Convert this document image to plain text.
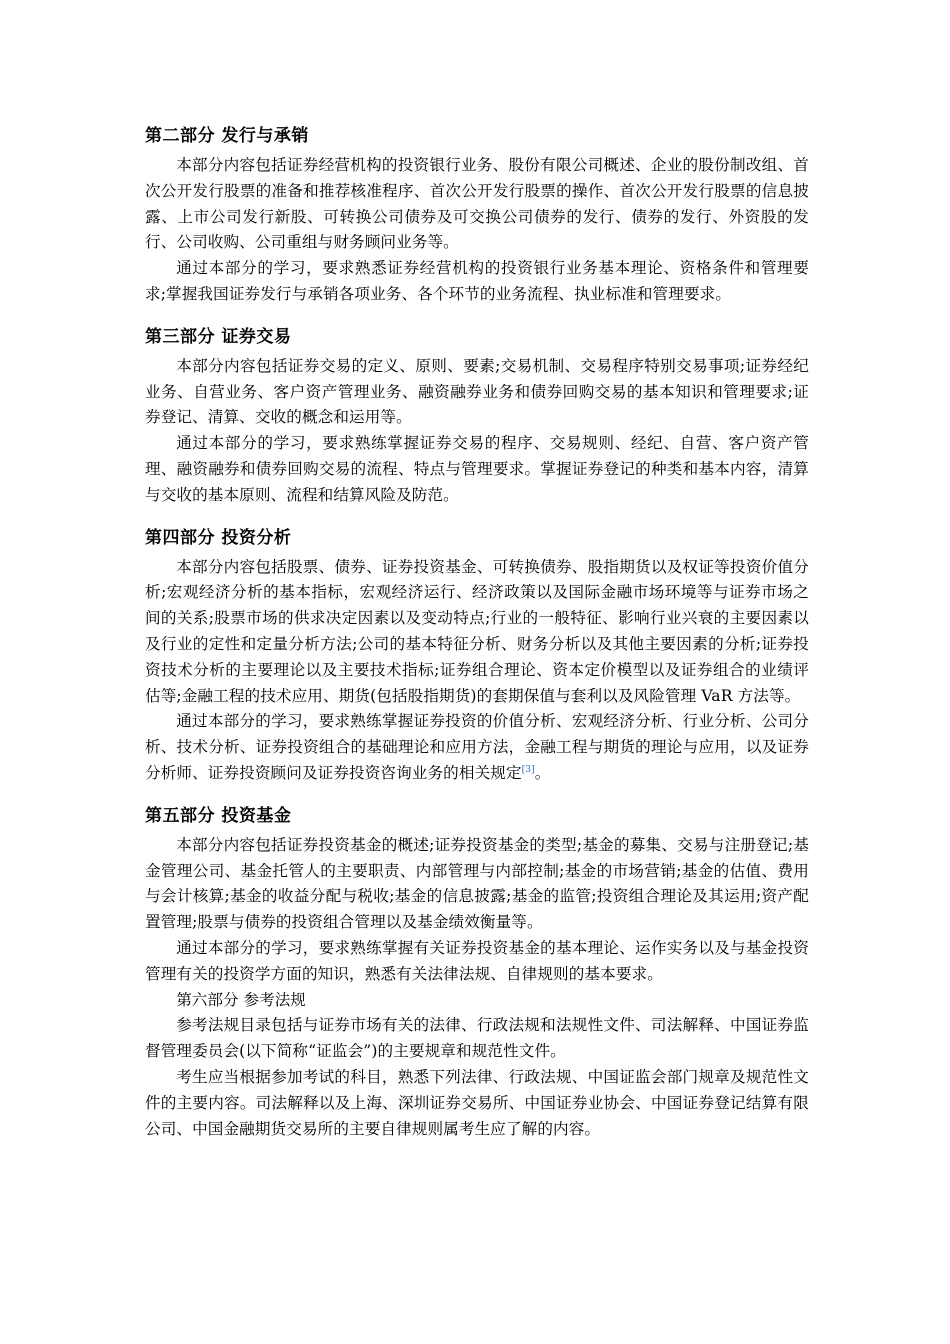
第二部分 发行与承销

本部分内容包括证券经营机构的投资银行业务、股份有限公司概述、企业的股份制改组、首次公开发行股票的准备和推荐核准程序、首次公开发行股票的操作、首次公开发行股票的信息披露、上市公司发行新股、可转换公司债券及可交换公司债券的发行、债券的发行、外资股的发行、公司收购、公司重组与财务顾问业务等。

通过本部分的学习，要求熟悉证券经营机构的投资银行业务基本理论、资格条件和管理要求;掌握我国证券发行与承销各项业务、各个环节的业务流程、执业标准和管理要求。

第三部分 证券交易

本部分内容包括证券交易的定义、原则、要素;交易机制、交易程序特别交易事项;证券经纪业务、自营业务、客户资产管理业务、融资融券业务和债券回购交易的基本知识和管理要求;证券登记、清算、交收的概念和运用等。

通过本部分的学习，要求熟练掌握证券交易的程序、交易规则、经纪、自营、客户资产管理、融资融券和债券回购交易的流程、特点与管理要求。掌握证券登记的种类和基本内容，清算与交收的基本原则、流程和结算风险及防范。

第四部分 投资分析

本部分内容包括股票、债券、证券投资基金、可转换债券、股指期货以及权证等投资价值分析;宏观经济分析的基本指标，宏观经济运行、经济政策以及国际金融市场环境等与证券市场之间的关系;股票市场的供求决定因素以及变动特点;行业的一般特征、影响行业兴衰的主要因素以及行业的定性和定量分析方法;公司的基本特征分析、财务分析以及其他主要因素的分析;证券投资技术分析的主要理论以及主要技术指标;证券组合理论、资本定价模型以及证券组合的业绩评估等;金融工程的技术应用、期货(包括股指期货)的套期保值与套利以及风险管理 VaR 方法等。

通过本部分的学习，要求熟练掌握证券投资的价值分析、宏观经济分析、行业分析、公司分析、技术分析、证券投资组合的基础理论和应用方法，金融工程与期货的理论与应用，以及证券分析师、证券投资顾问及证券投资咨询业务的相关规定[3]。

第五部分 投资基金

本部分内容包括证券投资基金的概述;证券投资基金的类型;基金的募集、交易与注册登记;基金管理公司、基金托管人的主要职责、内部管理与内部控制;基金的市场营销;基金的估值、费用与会计核算;基金的收益分配与税收;基金的信息披露;基金的监管;投资组合理论及其运用;资产配置管理;股票与债券的投资组合管理以及基金绩效衡量等。

通过本部分的学习，要求熟练掌握有关证券投资基金的基本理论、运作实务以及与基金投资管理有关的投资学方面的知识，熟悉有关法律法规、自律规则的基本要求。

第六部分 参考法规

参考法规目录包括与证券市场有关的法律、行政法规和法规性文件、司法解释、中国证券监督管理委员会(以下简称“证监会”)的主要规章和规范性文件。

考生应当根据参加考试的科目，熟悉下列法律、行政法规、中国证监会部门规章及规范性文件的主要内容。司法解释以及上海、深圳证券交易所、中国证券业协会、中国证券登记结算有限公司、中国金融期货交易所的主要自律规则属考生应了解的内容。
